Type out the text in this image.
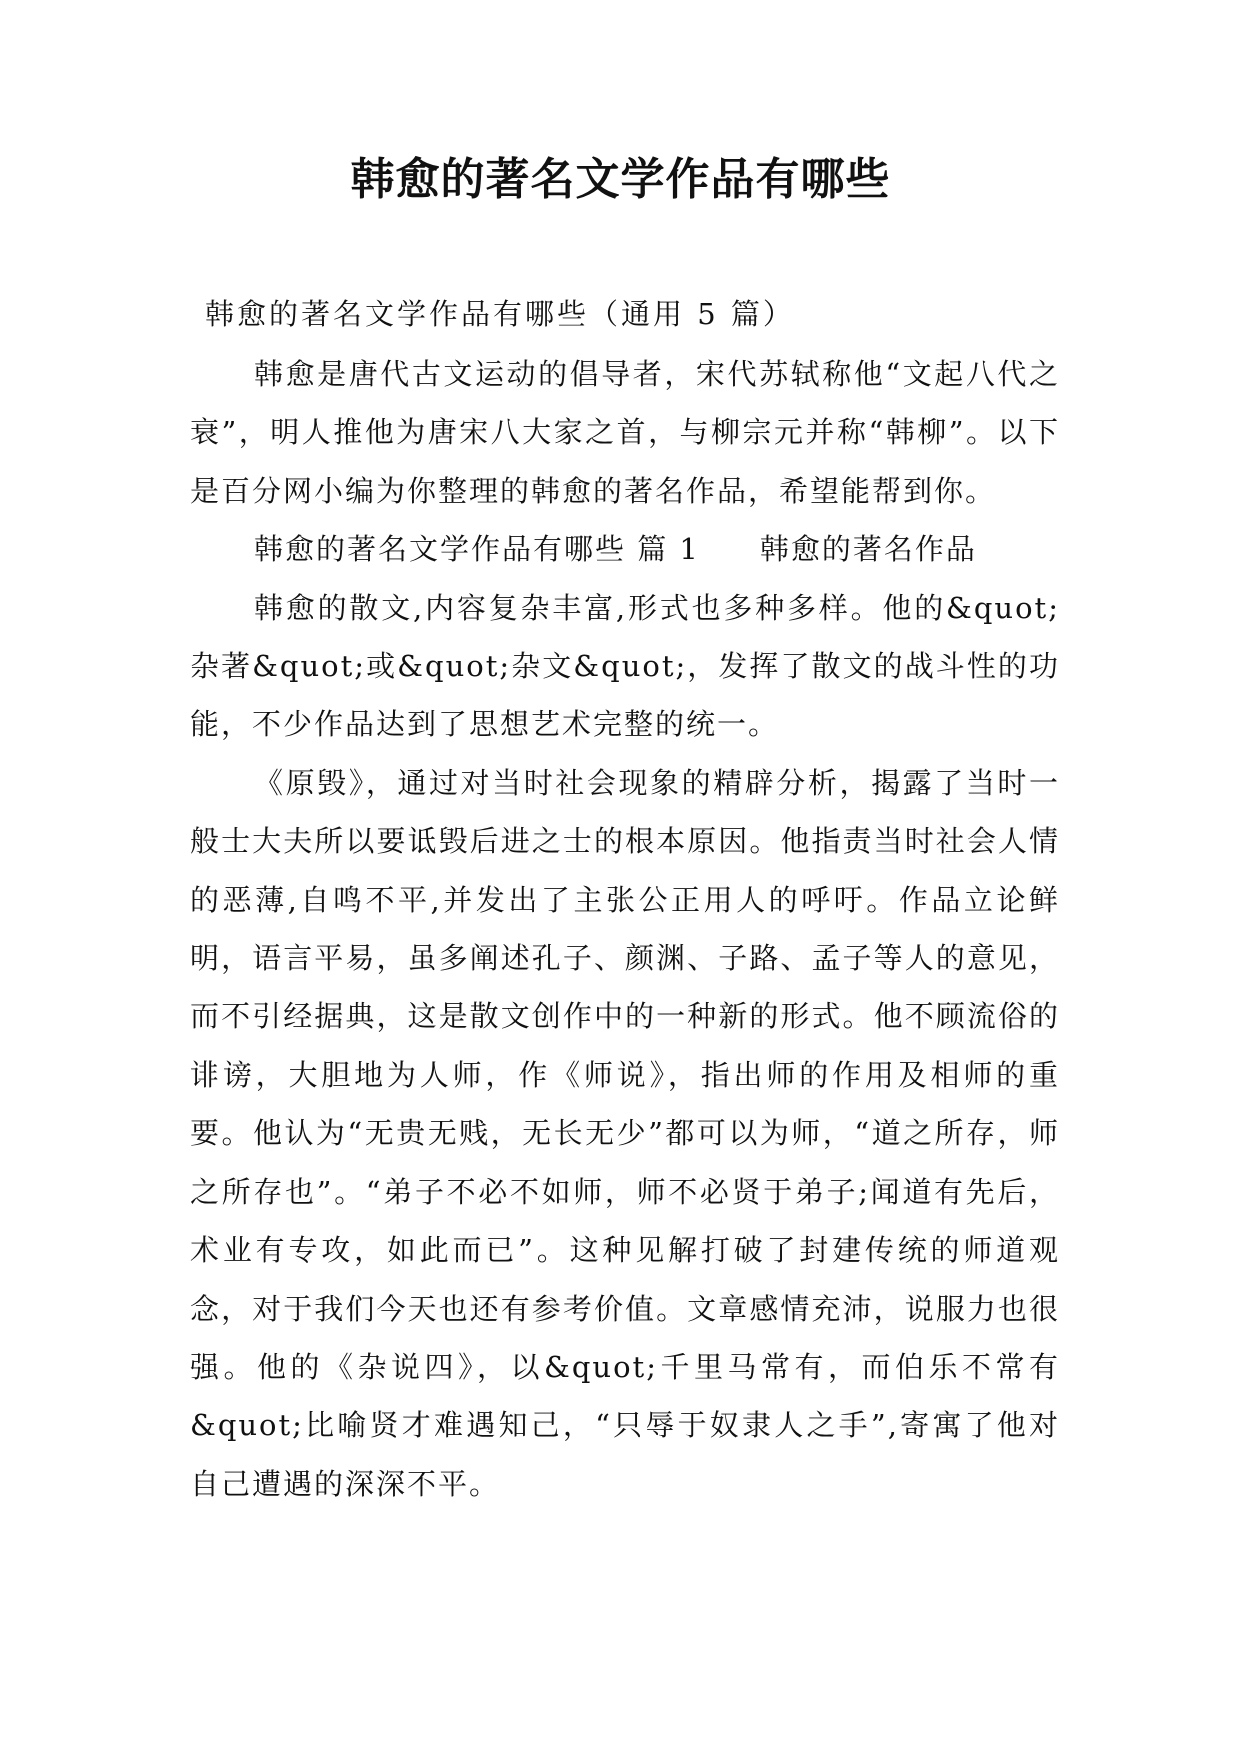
韩愈的著名文学作品有哪些
韩愈的著名文学作品有哪些（通用 5 篇）

韩愈是唐代古文运动的倡导者，宋代苏轼称他“文起八代之衰”，明人推他为唐宋八大家之首，与柳宗元并称“韩柳”。以下是百分网小编为你整理的韩愈的著名作品，希望能帮到你。

韩愈的著名文学作品有哪些 篇 1 韩愈的著名作品

韩愈的散文,内容复杂丰富,形式也多种多样。他的&quot;杂著&quot;或&quot;杂文&quot;，发挥了散文的战斗性的功能，不少作品达到了思想艺术完整的统一。

《原毁》，通过对当时社会现象的精辟分析，揭露了当时一般士大夫所以要诋毁后进之士的根本原因。他指责当时社会人情的恶薄,自鸣不平,并发出了主张公正用人的呼吁。作品立论鲜明，语言平易，虽多阐述孔子、颜渊、子路、孟子等人的意见，而不引经据典，这是散文创作中的一种新的形式。他不顾流俗的诽谤，大胆地为人师，作《师说》，指出师的作用及相师的重要。他认为“无贵无贱，无长无少”都可以为师，“道之所存，师之所存也”。“弟子不必不如师，师不必贤于弟子;闻道有先后，术业有专攻，如此而已”。这种见解打破了封建传统的师道观念，对于我们今天也还有参考价值。文章感情充沛，说服力也很强。他的《杂说四》，以&quot;千里马常有，而伯乐不常有&quot;比喻贤才难遇知己，“只辱于奴隶人之手”,寄寓了他对自己遭遇的深深不平。
